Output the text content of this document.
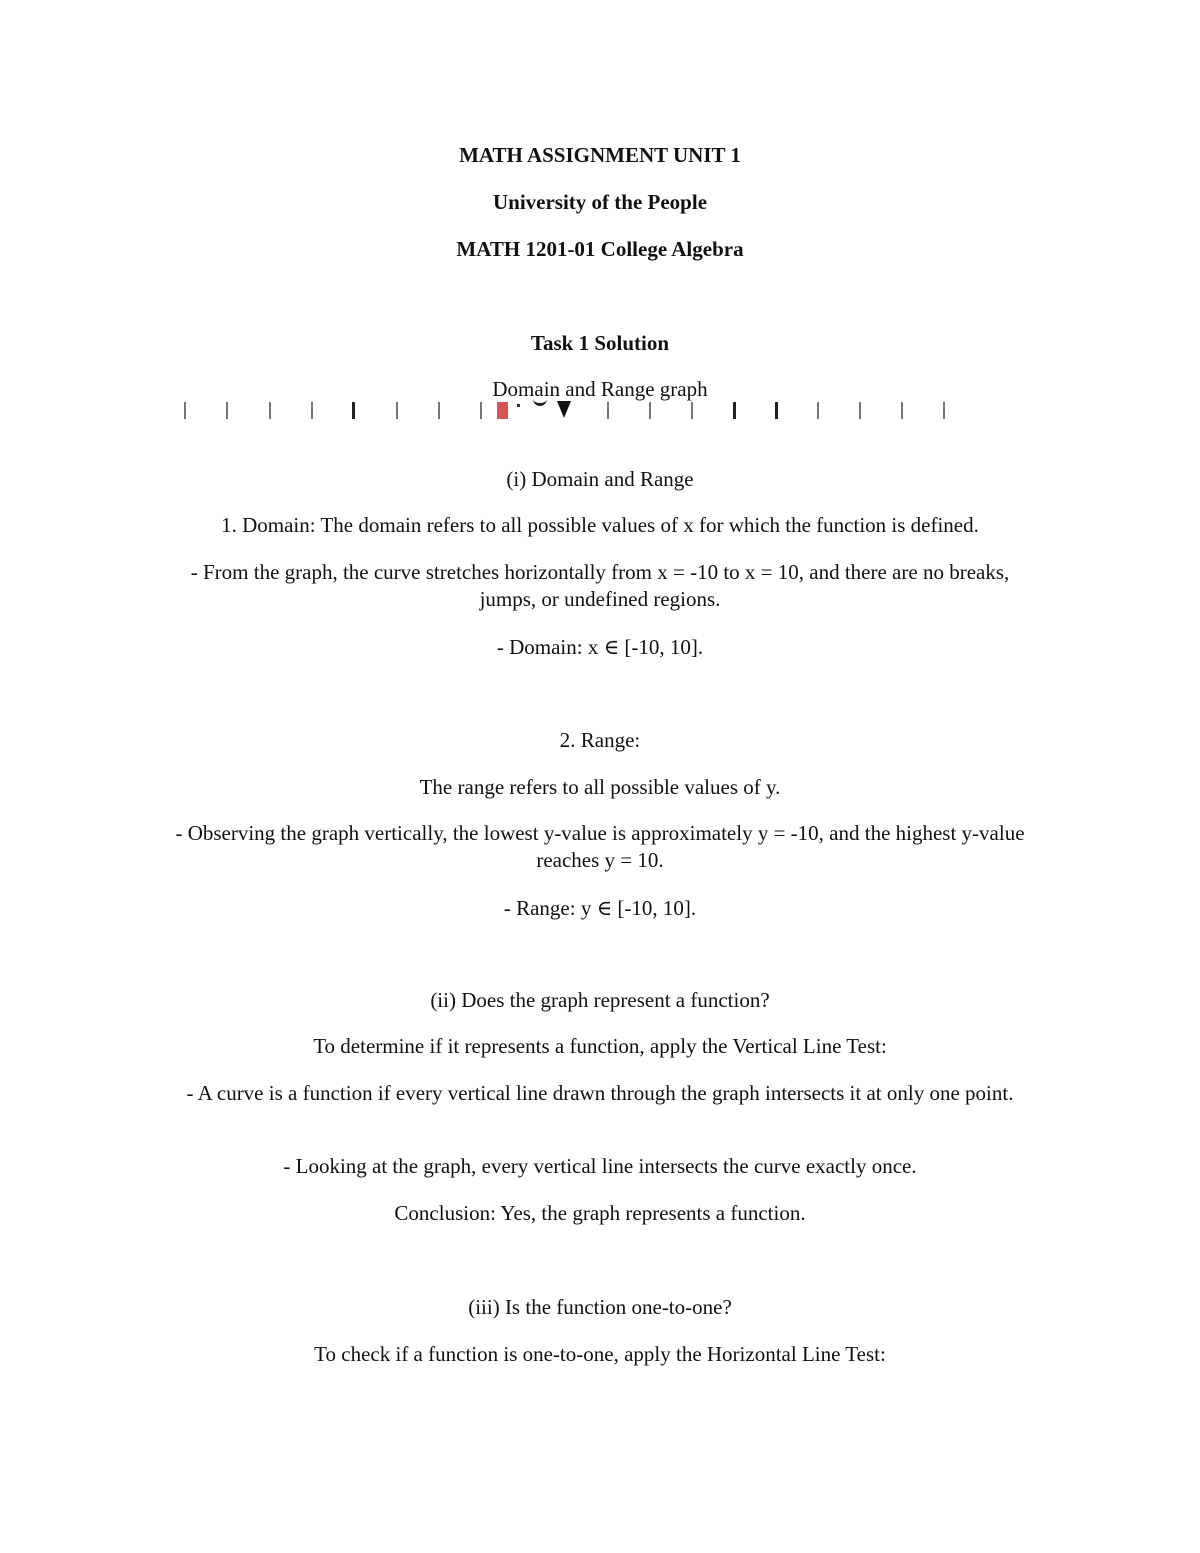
MATH ASSIGNMENT UNIT 1
University of the People
MATH 1201-01 College Algebra
Task 1 Solution
Domain and Range graph
(i) Domain and Range
1. Domain: The domain refers to all possible values of x for which the function is defined.
- From the graph, the curve stretches horizontally from x = -10 to x = 10, and there are no breaks, jumps, or undefined regions.
- Domain: x ∈ [-10, 10].
2. Range:
The range refers to all possible values of y.
- Observing the graph vertically, the lowest y-value is approximately y = -10, and the highest y-value reaches y = 10.
- Range: y ∈ [-10, 10].
(ii) Does the graph represent a function?
To determine if it represents a function, apply the Vertical Line Test:
- A curve is a function if every vertical line drawn through the graph intersects it at only one point.
- Looking at the graph, every vertical line intersects the curve exactly once.
Conclusion: Yes, the graph represents a function.
(iii) Is the function one-to-one?
To check if a function is one-to-one, apply the Horizontal Line Test:
